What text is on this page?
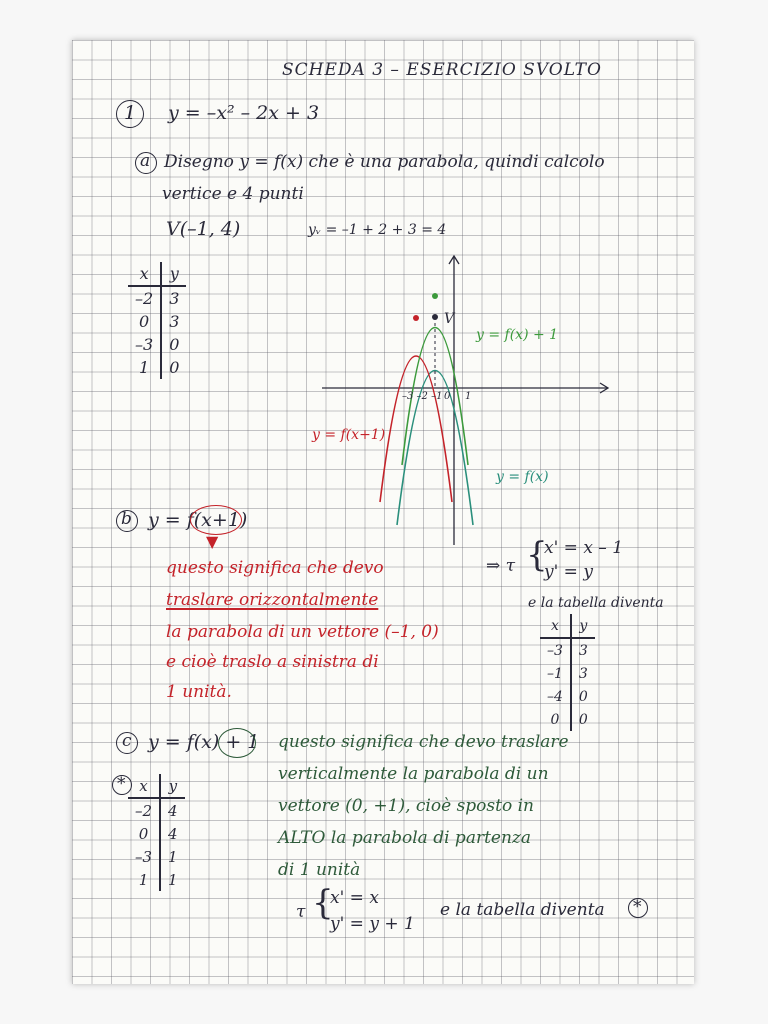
SCHEDA 3 – ESERCIZIO SVOLTO
1 y = –x² – 2x + 3
a Disegno y = f(x) che è una parabola, quindi calcolo
vertice e 4 punti
V(–1, 4)	yᵥ = –1 + 2 + 3 = 4
x	y
–2	3
0	3
–3	0
1	0
V
y = f(x) + 1
–3 –2 –1 0 1
y = f(x+1)
y = f(x)
b y = f(x+1)
▼
questo significa che devo
traslare orizzontalmente
la parabola di un vettore (–1, 0)
e cioè traslo a sinistra di
1 unità.
⇒ τ {
x' = x – 1
y' = y
e la tabella diventa
x	y
–3	3
–1	3
–4	0
0	0
c y = f(x) + 1 questo significa che devo traslare
verticalmente la parabola di un
vettore (0, +1), cioè sposto in
ALTO la parabola di partenza
di 1 unità
* x	y
–2	4
0	4
–3	1
1	1
τ {
x' = x
y' = y + 1
e la tabella diventa *
